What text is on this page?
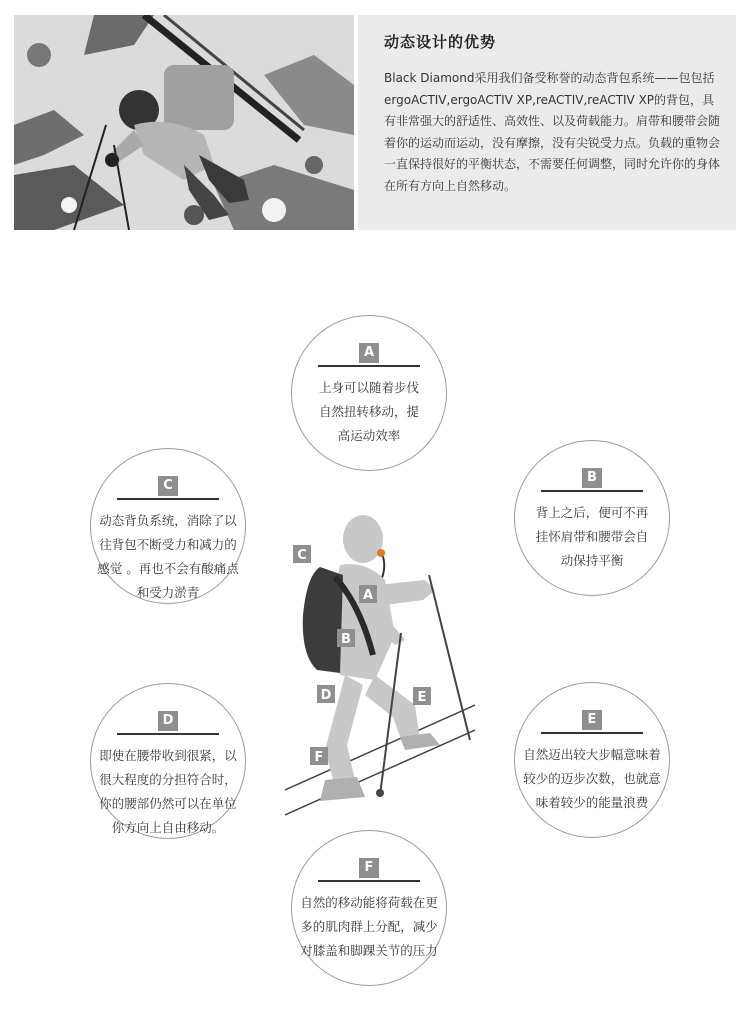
动态设计的优势
Black Diamond采用我们备受称誉的动态背包系统——包包括ergoACTIV,ergoACTIV XP,reACTIV,reACTIV XP的背包，具有非常强大的舒适性、高效性、以及荷载能力。肩带和腰带会随着你的运动而运动，没有摩擦，没有尖锐受力点。负载的重物会一直保持很好的平衡状态，不需要任何调整，同时允许你的身体在所有方向上自然移动。
C
A
B
D	E
F
A
上身可以随着步伐自然扭转移动，提高运动效率
B
背上之后，便可不再挂怀肩带和腰带会自动保持平衡
C
动态背负系统，消除了以往背包不断受力和减力的感觉 。再也不会有酸痛点和受力淤青
D
即使在腰带收到很紧，以很大程度的分担符合时，你的腰部仍然可以在单位你方向上自由移动。
E
自然迈出较大步幅意味着较少的迈步次数，也就意味着较少的能量浪费
F
自然的移动能将荷载在更多的肌肉群上分配，减少对膝盖和脚踝关节的压力
